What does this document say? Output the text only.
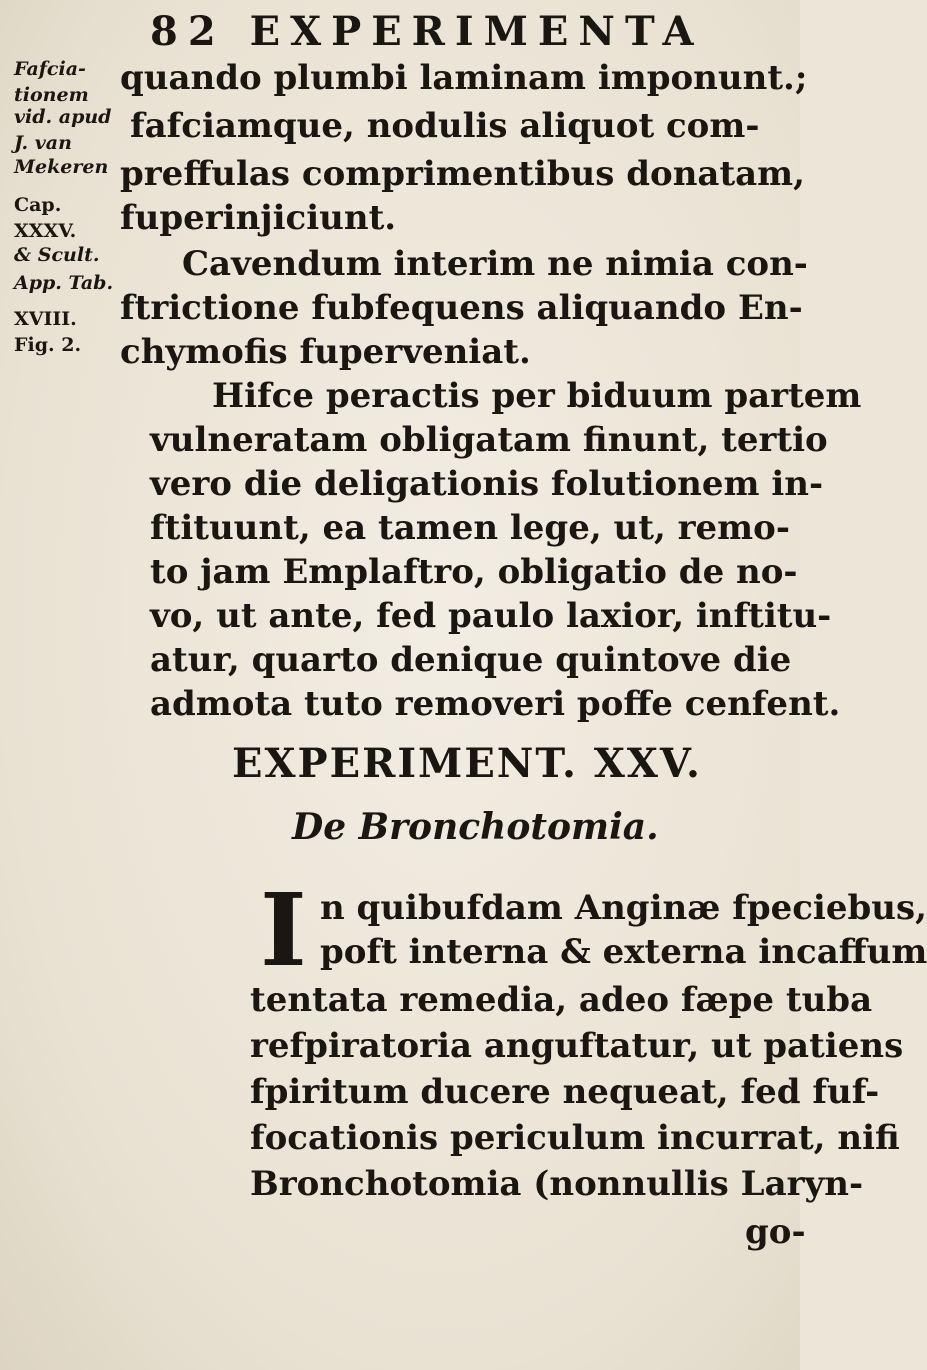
82 EXPERIMENTA
Fafcia-
tionem
vid. apud
J. van
Mekeren
Cap.
XXXV.
& Scult.
App. Tab.
XVIII.
Fig. 2.
quando plumbi laminam imponunt.;
fafciamque, nodulis aliquot com-
preffulas comprimentibus donatam,
fuperinjiciunt.
Cavendum interim ne nimia con-
ftrictione fubfequens aliquando En-
chymofis fuperveniat.
Hifce peractis per biduum partem
vulneratam obligatam finunt, tertio
vero die deligationis folutionem in-
ftituunt, ea tamen lege, ut, remo-
to jam Emplaftro, obligatio de no-
vo, ut ante, fed paulo laxior, inftitu-
atur, quarto denique quintove die
admota tuto removeri poffe cenfent.
EXPERIMENT. XXV.
De Bronchotomia.
I n quibufdam Anginæ fpeciebus,
poft interna & externa incaffum
tentata remedia, adeo fæpe tuba
refpiratoria anguftatur, ut patiens
fpiritum ducere nequeat, fed fuf-
focationis periculum incurrat, nifi
Bronchotomia (nonnullis Laryn-
go-
